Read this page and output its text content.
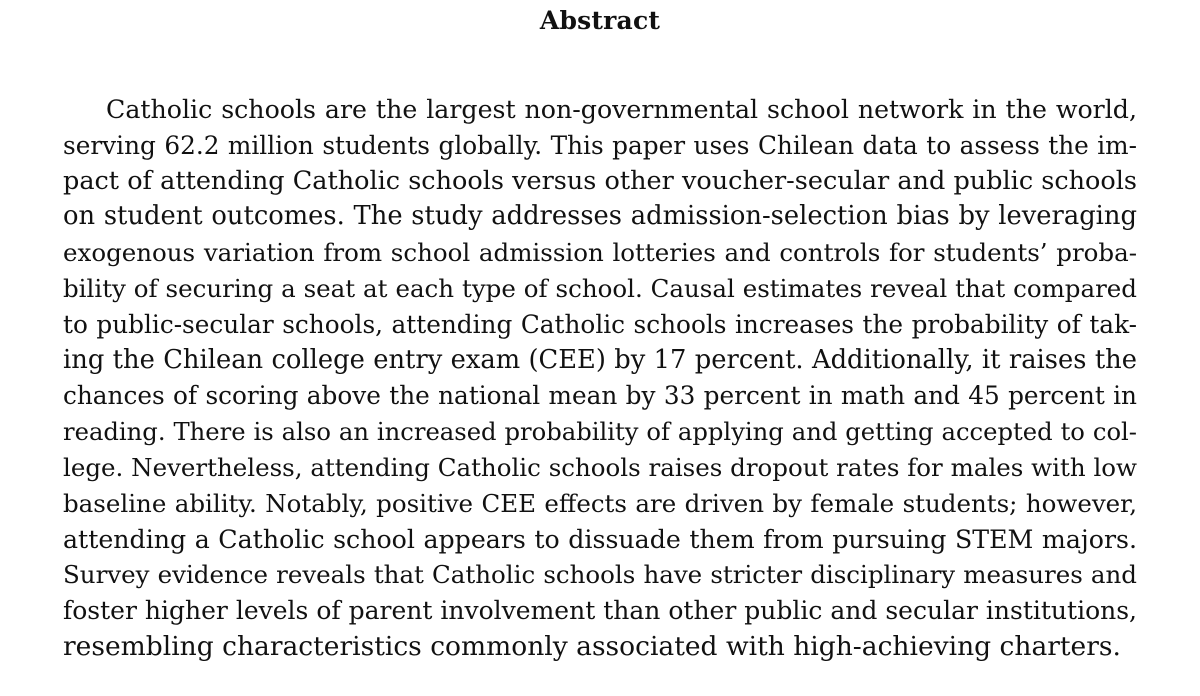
Abstract
Catholic schools are the largest non-governmental school network in the world,
serving 62.2 million students globally. This paper uses Chilean data to assess the im-
pact of attending Catholic schools versus other voucher-secular and public schools
on student outcomes. The study addresses admission-selection bias by leveraging
exogenous variation from school admission lotteries and controls for students’ proba-
bility of securing a seat at each type of school. Causal estimates reveal that compared
to public-secular schools, attending Catholic schools increases the probability of tak-
ing the Chilean college entry exam (CEE) by 17 percent. Additionally, it raises the
chances of scoring above the national mean by 33 percent in math and 45 percent in
reading. There is also an increased probability of applying and getting accepted to col-
lege. Nevertheless, attending Catholic schools raises dropout rates for males with low
baseline ability. Notably, positive CEE effects are driven by female students; however,
attending a Catholic school appears to dissuade them from pursuing STEM majors.
Survey evidence reveals that Catholic schools have stricter disciplinary measures and
foster higher levels of parent involvement than other public and secular institutions,
resembling characteristics commonly associated with high-achieving charters.
